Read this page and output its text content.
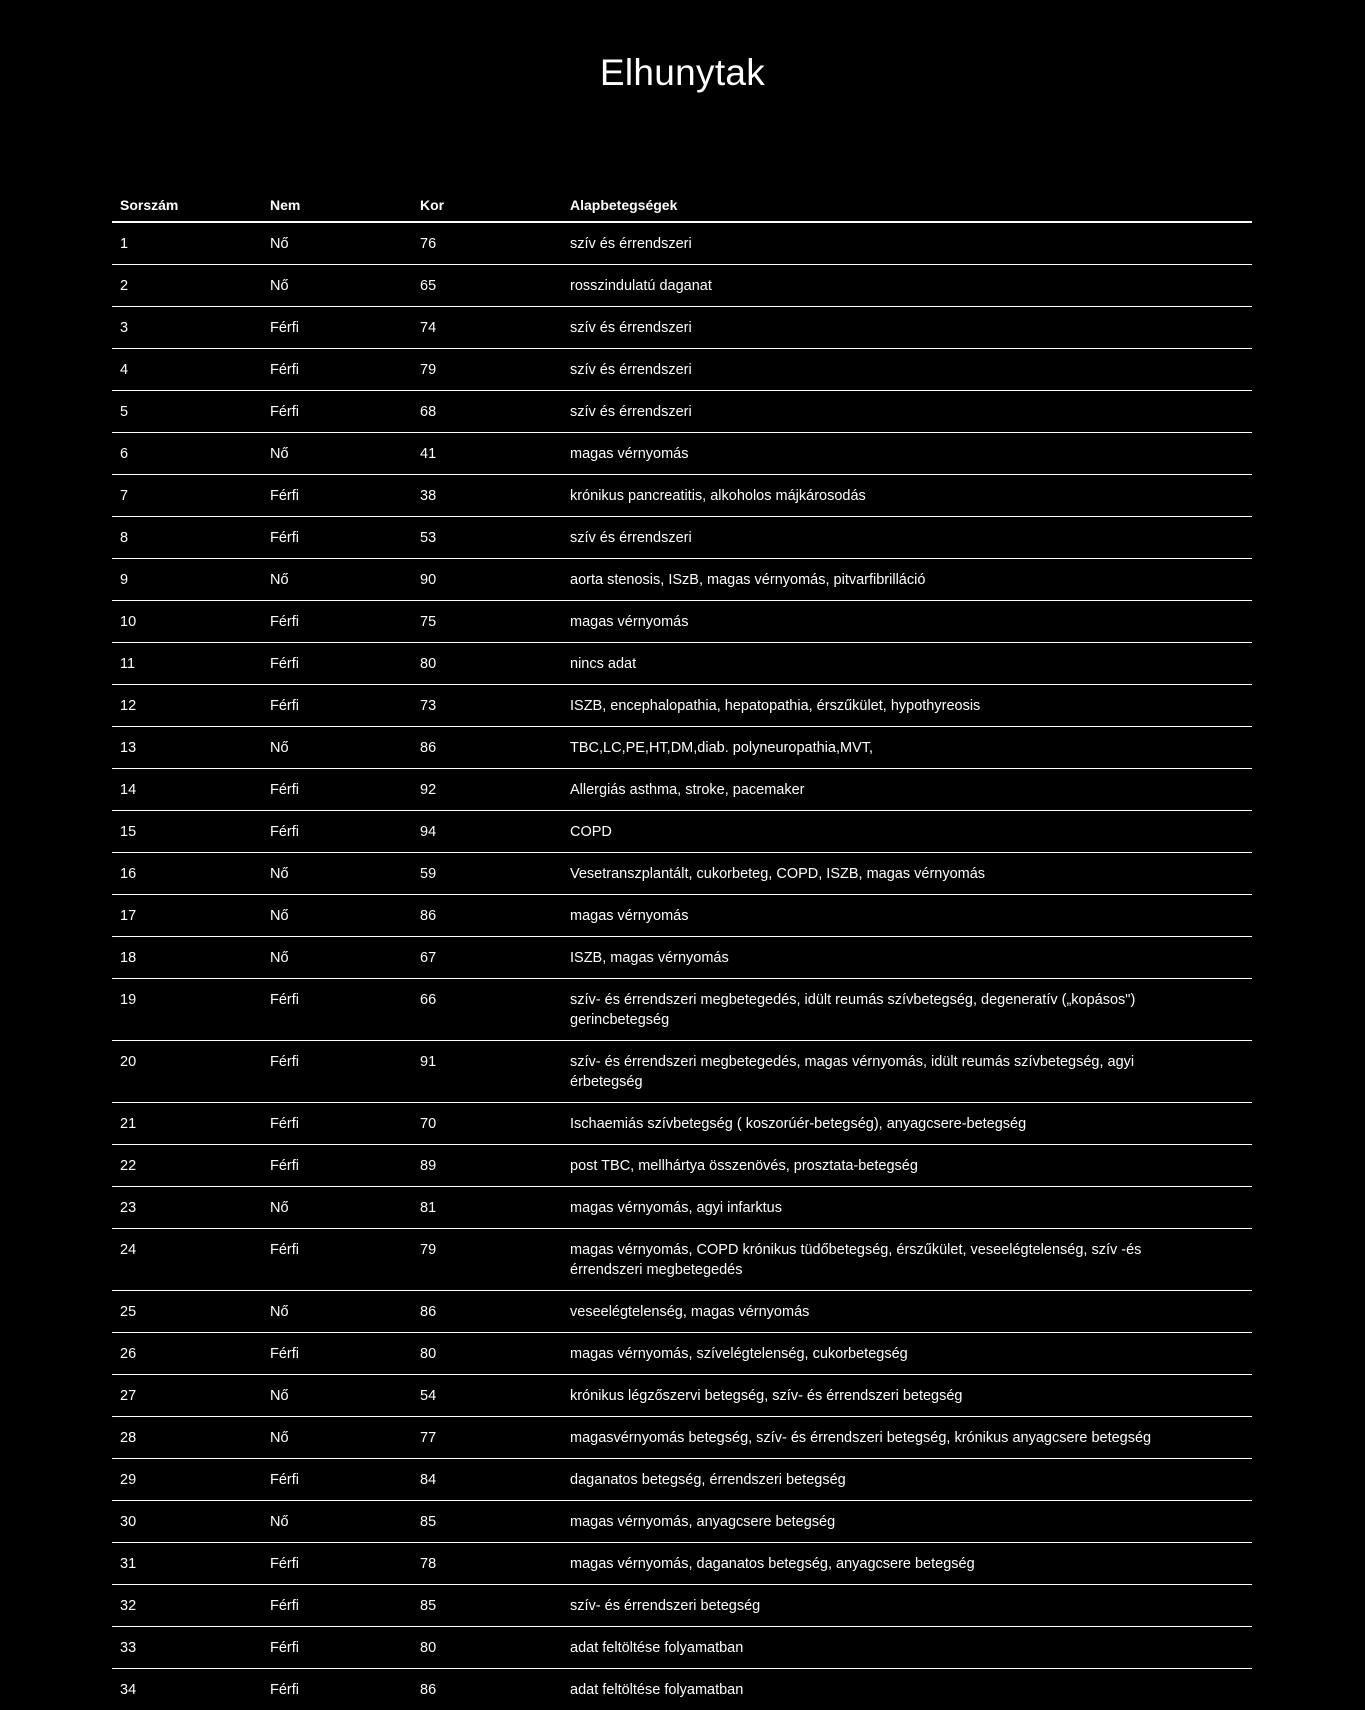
Elhunytak
Sorszám	Nem	Kor	Alapbetegségek
1	Nő	76	szív és érrendszeri
2	Nő	65	rosszindulatú daganat
3	Férfi	74	szív és érrendszeri
4	Férfi	79	szív és érrendszeri
5	Férfi	68	szív és érrendszeri
6	Nő	41	magas vérnyomás
7	Férfi	38	krónikus pancreatitis, alkoholos májkárosodás
8	Férfi	53	szív és érrendszeri
9	Nő	90	aorta stenosis, ISzB, magas vérnyomás, pitvarfibrilláció
10	Férfi	75	magas vérnyomás
11	Férfi	80	nincs adat
12	Férfi	73	ISZB, encephalopathia, hepatopathia, érszűkület, hypothyreosis
13	Nő	86	TBC,LC,PE,HT,DM,diab. polyneuropathia,MVT,
14	Férfi	92	Allergiás asthma, stroke, pacemaker
15	Férfi	94	COPD
16	Nő	59	Vesetranszplantált, cukorbeteg, COPD, ISZB, magas vérnyomás
17	Nő	86	magas vérnyomás
18	Nő	67	ISZB, magas vérnyomás
19	Férfi	66	szív- és érrendszeri megbetegedés, idült reumás szívbetegség, degeneratív („kopásos") gerincbetegség
20	Férfi	91	szív- és érrendszeri megbetegedés, magas vérnyomás, idült reumás szívbetegség, agyi érbetegség
21	Férfi	70	Ischaemiás szívbetegség ( koszorúér-betegség), anyagcsere-betegség
22	Férfi	89	post TBC, mellhártya összenövés, prosztata-betegség
23	Nő	81	magas vérnyomás, agyi infarktus
24	Férfi	79	magas vérnyomás, COPD krónikus tüdőbetegség, érszűkület, veseelégtelenség, szív -és érrendszeri megbetegedés
25	Nő	86	veseelégtelenség, magas vérnyomás
26	Férfi	80	magas vérnyomás, szívelégtelenség, cukorbetegség
27	Nő	54	krónikus légzőszervi betegség, szív- és érrendszeri betegség
28	Nő	77	magasvérnyomás betegség, szív- és érrendszeri betegség, krónikus anyagcsere betegség
29	Férfi	84	daganatos betegség, érrendszeri betegség
30	Nő	85	magas vérnyomás, anyagcsere betegség
31	Férfi	78	magas vérnyomás, daganatos betegség, anyagcsere betegség
32	Férfi	85	szív- és érrendszeri betegség
33	Férfi	80	adat feltöltése folyamatban
34	Férfi	86	adat feltöltése folyamatban
